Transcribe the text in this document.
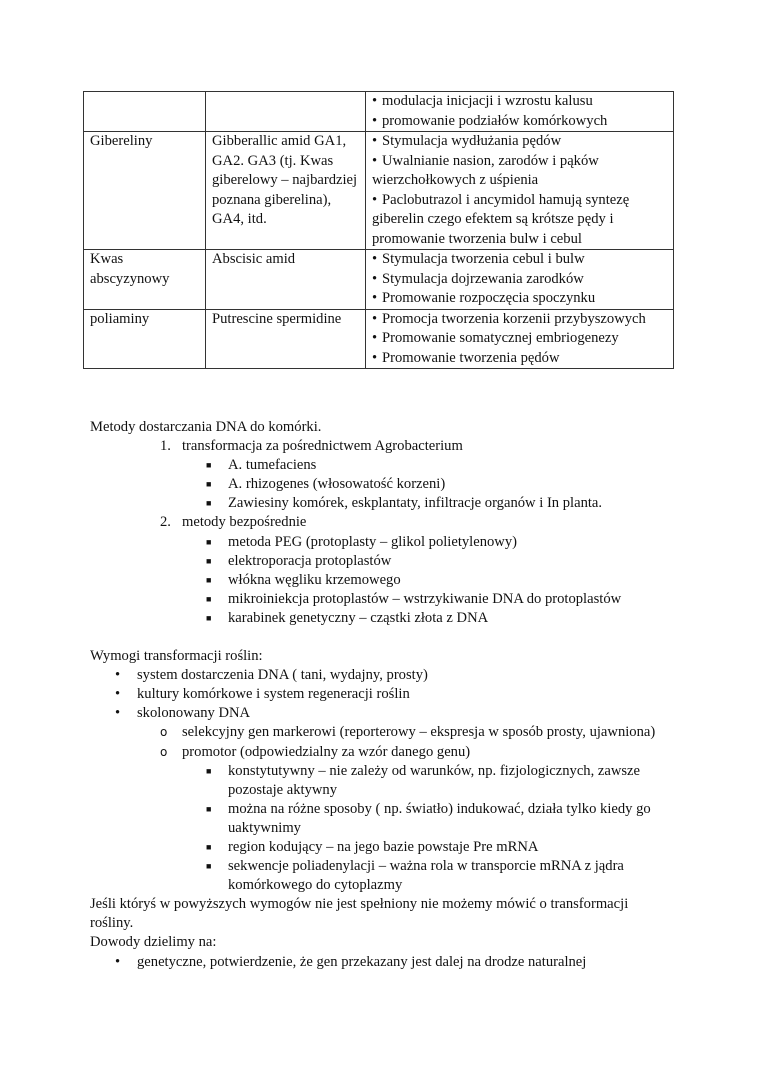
		• modulacja inicjacji i wzrostu kalusu
• promowanie podziałów komórkowych

Gibereliny	Gibberallic amid GA1, GA2. GA3 (tj. Kwas giberelowy – najbardziej poznana giberelina), GA4, itd.	• Stymulacja wydłużania pędów
• Uwalnianie nasion, zarodów i pąków wierzchołkowych z uśpienia
• Paclobutrazol i ancymidol hamują syntezę giberelin czego efektem są krótsze pędy i promowanie tworzenia bulw i cebul

Kwas abscyzynowy	Abscisic amid	• Stymulacja tworzenia cebul i bulw
• Stymulacja dojrzewania zarodków
• Promowanie rozpoczęcia spoczynku

poliaminy	Putrescine spermidine	• Promocja tworzenia korzenii przybyszowych
• Promowanie somatycznej embriogenezy
• Promowanie tworzenia pędów

Metody dostarczania DNA do komórki.

1. transformacja za pośrednictwem Agrobacterium
■ A. tumefaciens
■ A. rhizogenes (włosowatość korzeni)
■ Zawiesiny komórek, eskplantaty, infiltracje organów i In planta.
2. metody bezpośrednie
■ metoda PEG (protoplasty – glikol polietylenowy)
■ elektroporacja protoplastów
■ włókna węgliku krzemowego
■ mikroiniekcja protoplastów – wstrzykiwanie DNA do protoplastów
■ karabinek genetyczny – cząstki złota z DNA

Wymogi transformacji roślin:

• system dostarczenia DNA ( tani, wydajny, prosty)
• kultury komórkowe i system regeneracji roślin
• skolonowany DNA
o selekcyjny gen markerowi (reporterowy – ekspresja w sposób prosty, ujawniona)
o promotor (odpowiedzialny za wzór danego genu)
■ konstytutywny – nie zależy od warunków, np. fizjologicznych, zawsze pozostaje aktywny
■ można na różne sposoby ( np. światło) indukować, działa tylko kiedy go uaktywnimy
■ region kodujący – na jego bazie powstaje Pre mRNA
■ sekwencje poliadenylacji – ważna rola w transporcie mRNA z jądra komórkowego do cytoplazmy

Jeśli któryś w powyższych wymogów nie jest spełniony nie możemy mówić o transformacji rośliny.

Dowody dzielimy na:

• genetyczne, potwierdzenie, że gen przekazany jest dalej na drodze naturalnej
